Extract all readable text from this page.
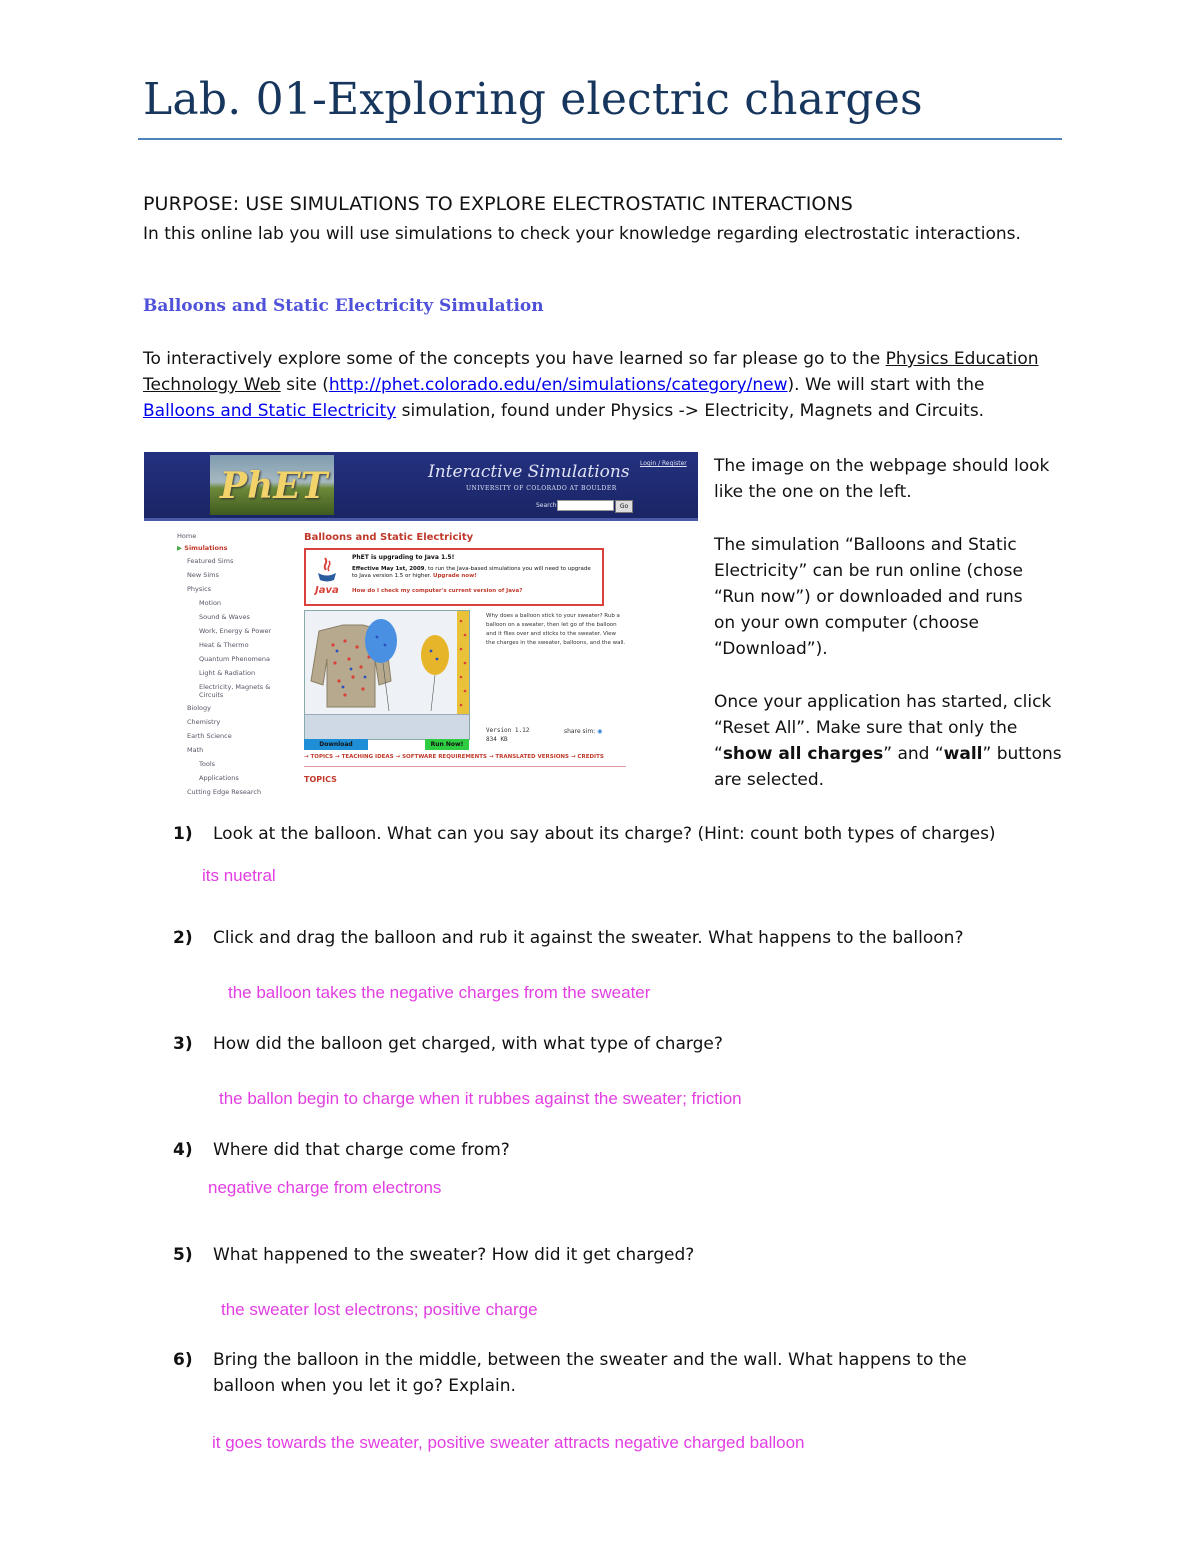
Lab. 01-Exploring electric charges
PURPOSE: USE SIMULATIONS TO EXPLORE ELECTROSTATIC INTERACTIONS
In this online lab you will use simulations to check your knowledge regarding electrostatic interactions.
Balloons and Static Electricity Simulation
To interactively explore some of the concepts you have learned so far please go to the Physics Education
Technology Web site (http://phet.colorado.edu/en/simulations/category/new). We will start with the
Balloons and Static Electricity simulation, found under Physics -> Electricity, Magnets and Circuits.
PhET	Interactive Simulations
UNIVERSITY OF COLORADO AT BOULDER
Login / Register
Search	Go
Home
▶ Simulations
Featured Sims
New Sims
Physics
Motion
Sound & Waves
Work, Energy & Power
Heat & Thermo
Quantum Phenomena
Light & Radiation
Electricity, Magnets &
Circuits
Biology
Chemistry
Earth Science
Math
Tools
Applications
Cutting Edge Research
Balloons and Static Electricity
Java
PhET is upgrading to Java 1.5!
Effective May 1st, 2009, to run the Java-based simulations you will need to upgrade to Java version 1.5 or higher. Upgrade now!
How do I check my computer's current version of Java?
Why does a balloon stick to your sweater? Rub a balloon on a sweater, then let go of the balloon and it flies over and sticks to the sweater. View the charges in the sweater, balloons, and the wall.
Version 1.12
834 KB
share sim: ◉
Download	Run Now!
→ TOPICS → TEACHING IDEAS → SOFTWARE REQUIREMENTS → TRANSLATED VERSIONS → CREDITS
TOPICS

The image on the webpage should look
like the one on the left.

The simulation “Balloons and Static
Electricity” can be run online (chose
“Run now”) or downloaded and runs
on your own computer (choose
“Download”).

Once your application has started, click
“Reset All”. Make sure that only the
“show all charges” and “wall” buttons
are selected.

1) Look at the balloon. What can you say about its charge? (Hint: count both types of charges)
its nuetral
2) Click and drag the balloon and rub it against the sweater. What happens to the balloon?
the balloon takes the negative charges from the sweater
3) How did the balloon get charged, with what type of charge?
the ballon begin to charge when it rubbes against the sweater; friction
4) Where did that charge come from?
negative charge from electrons
5) What happened to the sweater? How did it get charged?
the sweater lost electrons; positive charge
6) Bring the balloon in the middle, between the sweater and the wall. What happens to the
balloon when you let it go? Explain.
it goes towards the sweater, positive sweater attracts negative charged balloon
